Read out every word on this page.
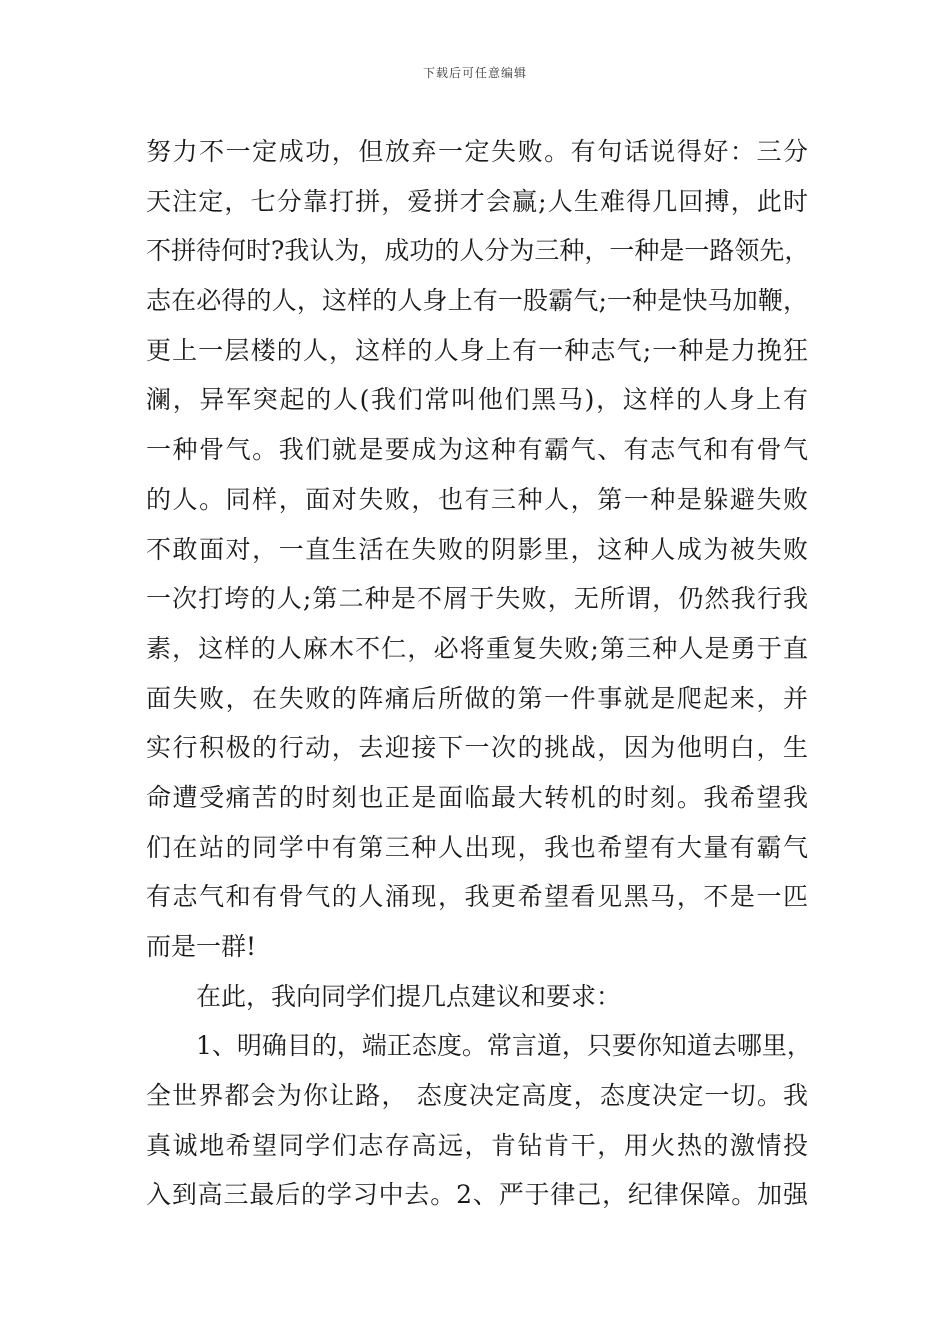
下载后可任意编辑
努力不一定成功，但放弃一定失败。有句话说得好：三分
天注定，七分靠打拼，爱拼才会赢;人生难得几回搏，此时
不拼待何时?我认为，成功的人分为三种，一种是一路领先，
志在必得的人，这样的人身上有一股霸气;一种是快马加鞭，
更上一层楼的人，这样的人身上有一种志气;一种是力挽狂
澜，异军突起的人(我们常叫他们黑马)，这样的人身上有
一种骨气。我们就是要成为这种有霸气、有志气和有骨气
的人。同样，面对失败，也有三种人，第一种是躲避失败
不敢面对，一直生活在失败的阴影里，这种人成为被失败
一次打垮的人;第二种是不屑于失败，无所谓，仍然我行我
素，这样的人麻木不仁，必将重复失败;第三种人是勇于直
面失败，在失败的阵痛后所做的第一件事就是爬起来，并
实行积极的行动，去迎接下一次的挑战，因为他明白，生
命遭受痛苦的时刻也正是面临最大转机的时刻。我希望我
们在站的同学中有第三种人出现，我也希望有大量有霸气
有志气和有骨气的人涌现，我更希望看见黑马，不是一匹
而是一群!
在此，我向同学们提几点建议和要求：
1、明确目的，端正态度。常言道，只要你知道去哪里，
全世界都会为你让路， 态度决定高度，态度决定一切。我
真诚地希望同学们志存高远，肯钻肯干，用火热的激情投
入到高三最后的学习中去。2、严于律己，纪律保障。加强
